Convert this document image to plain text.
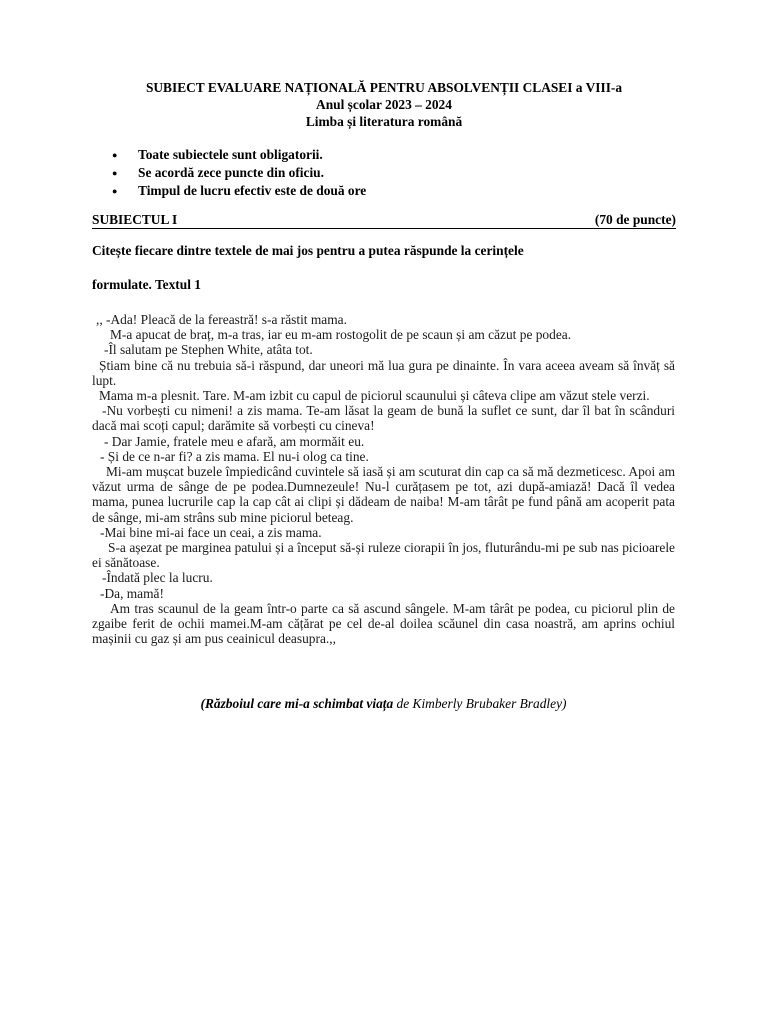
SUBIECT EVALUARE NAȚIONALĂ PENTRU ABSOLVENȚII CLASEI a VIII-a
Anul școlar 2023 – 2024
Limba și literatura română
● Toate subiectele sunt obligatorii.
● Se acordă zece puncte din oficiu.
● Timpul de lucru efectiv este de două ore
SUBIECTUL I	(70 de puncte)
Citește fiecare dintre textele de mai jos pentru a putea răspunde la cerințele
formulate. Textul 1

,, -Ada! Pleacă de la fereastră! s-a răstit mama.

M-a apucat de braț, m-a tras, iar eu m-am rostogolit de pe scaun și am căzut pe podea.

-Îl salutam pe Stephen White, atâta tot.

Știam bine că nu trebuia să-i răspund, dar uneori mă lua gura pe dinainte. În vara aceea aveam să învăț să lupt.

Mama m-a plesnit. Tare. M-am izbit cu capul de piciorul scaunului și câteva clipe am văzut stele verzi.

-Nu vorbești cu nimeni! a zis mama. Te-am lăsat la geam de bună la suflet ce sunt, dar îl bat în scânduri dacă mai scoți capul; darămite să vorbești cu cineva!

- Dar Jamie, fratele meu e afară, am mormăit eu.

- Și de ce n-ar fi? a zis mama. El nu-i olog ca tine.

Mi-am mușcat buzele împiedicând cuvintele să iasă și am scuturat din cap ca să mă dezmeticesc. Apoi am văzut urma de sânge de pe podea.Dumnezeule! Nu-l curățasem pe tot, azi după-amiază! Dacă îl vedea mama, punea lucrurile cap la cap cât ai clipi și dădeam de naiba! M-am târât pe fund până am acoperit pata de sânge, mi-am strâns sub mine piciorul beteag.

-Mai bine mi-ai face un ceai, a zis mama.

S-a așezat pe marginea patului și a început să-și ruleze ciorapii în jos, fluturându-mi pe sub nas picioarele ei sănătoase.

-Îndată plec la lucru.

-Da, mamă!

Am tras scaunul de la geam într-o parte ca să ascund sângele. M-am târât pe podea, cu piciorul plin de zgaibe ferit de ochii mamei.M-am cățărat pe cel de-al doilea scăunel din casa noastră, am aprins ochiul mașinii cu gaz și am pus ceainicul deasupra.,,

(Războiul care mi-a schimbat viața de Kimberly Brubaker Bradley)
